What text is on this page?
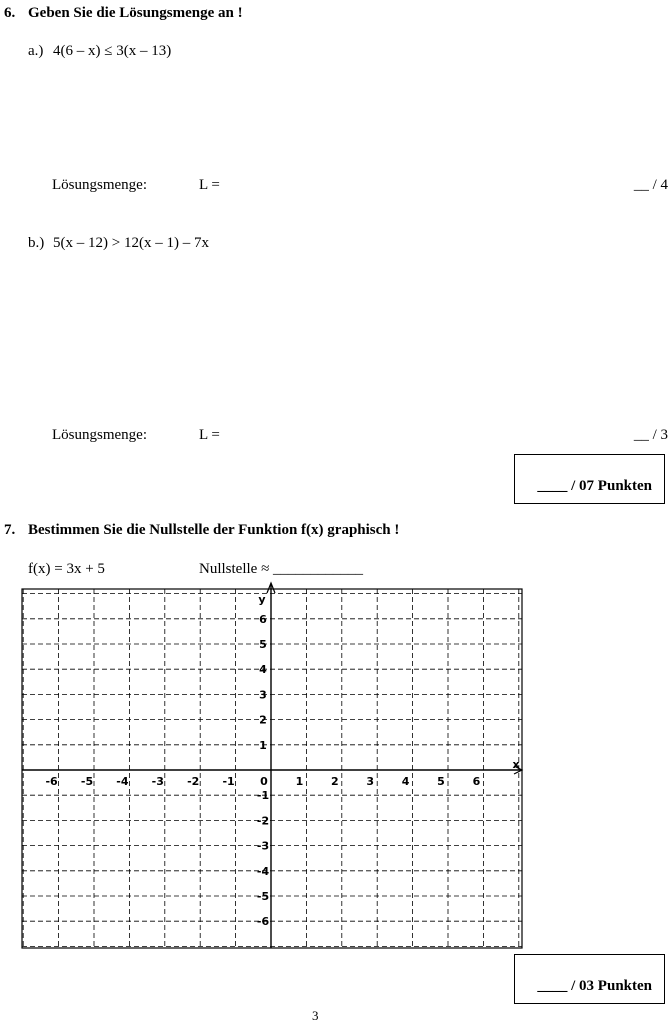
6. Geben Sie die Lösungsmenge an !
a.) 4(6 – x) ≤ 3(x – 13)
Lösungsmenge:	L =	__ / 4
b.) 5(x – 12) > 12(x – 1) – 7x
Lösungsmenge:	L =	__ / 3
____ / 07 Punkten
7. Bestimmen Sie die Nullstelle der Funktion f(x) graphisch !
f(x) = 3x + 5	Nullstelle ≈ ____________
y
x
-6 -5 -4 -3 -2 -1 0	1	2	3	4	5	6
6
5
4
3
2
1
-1
-2
-3
-4
-5
-6
____ / 03 Punkten
3
